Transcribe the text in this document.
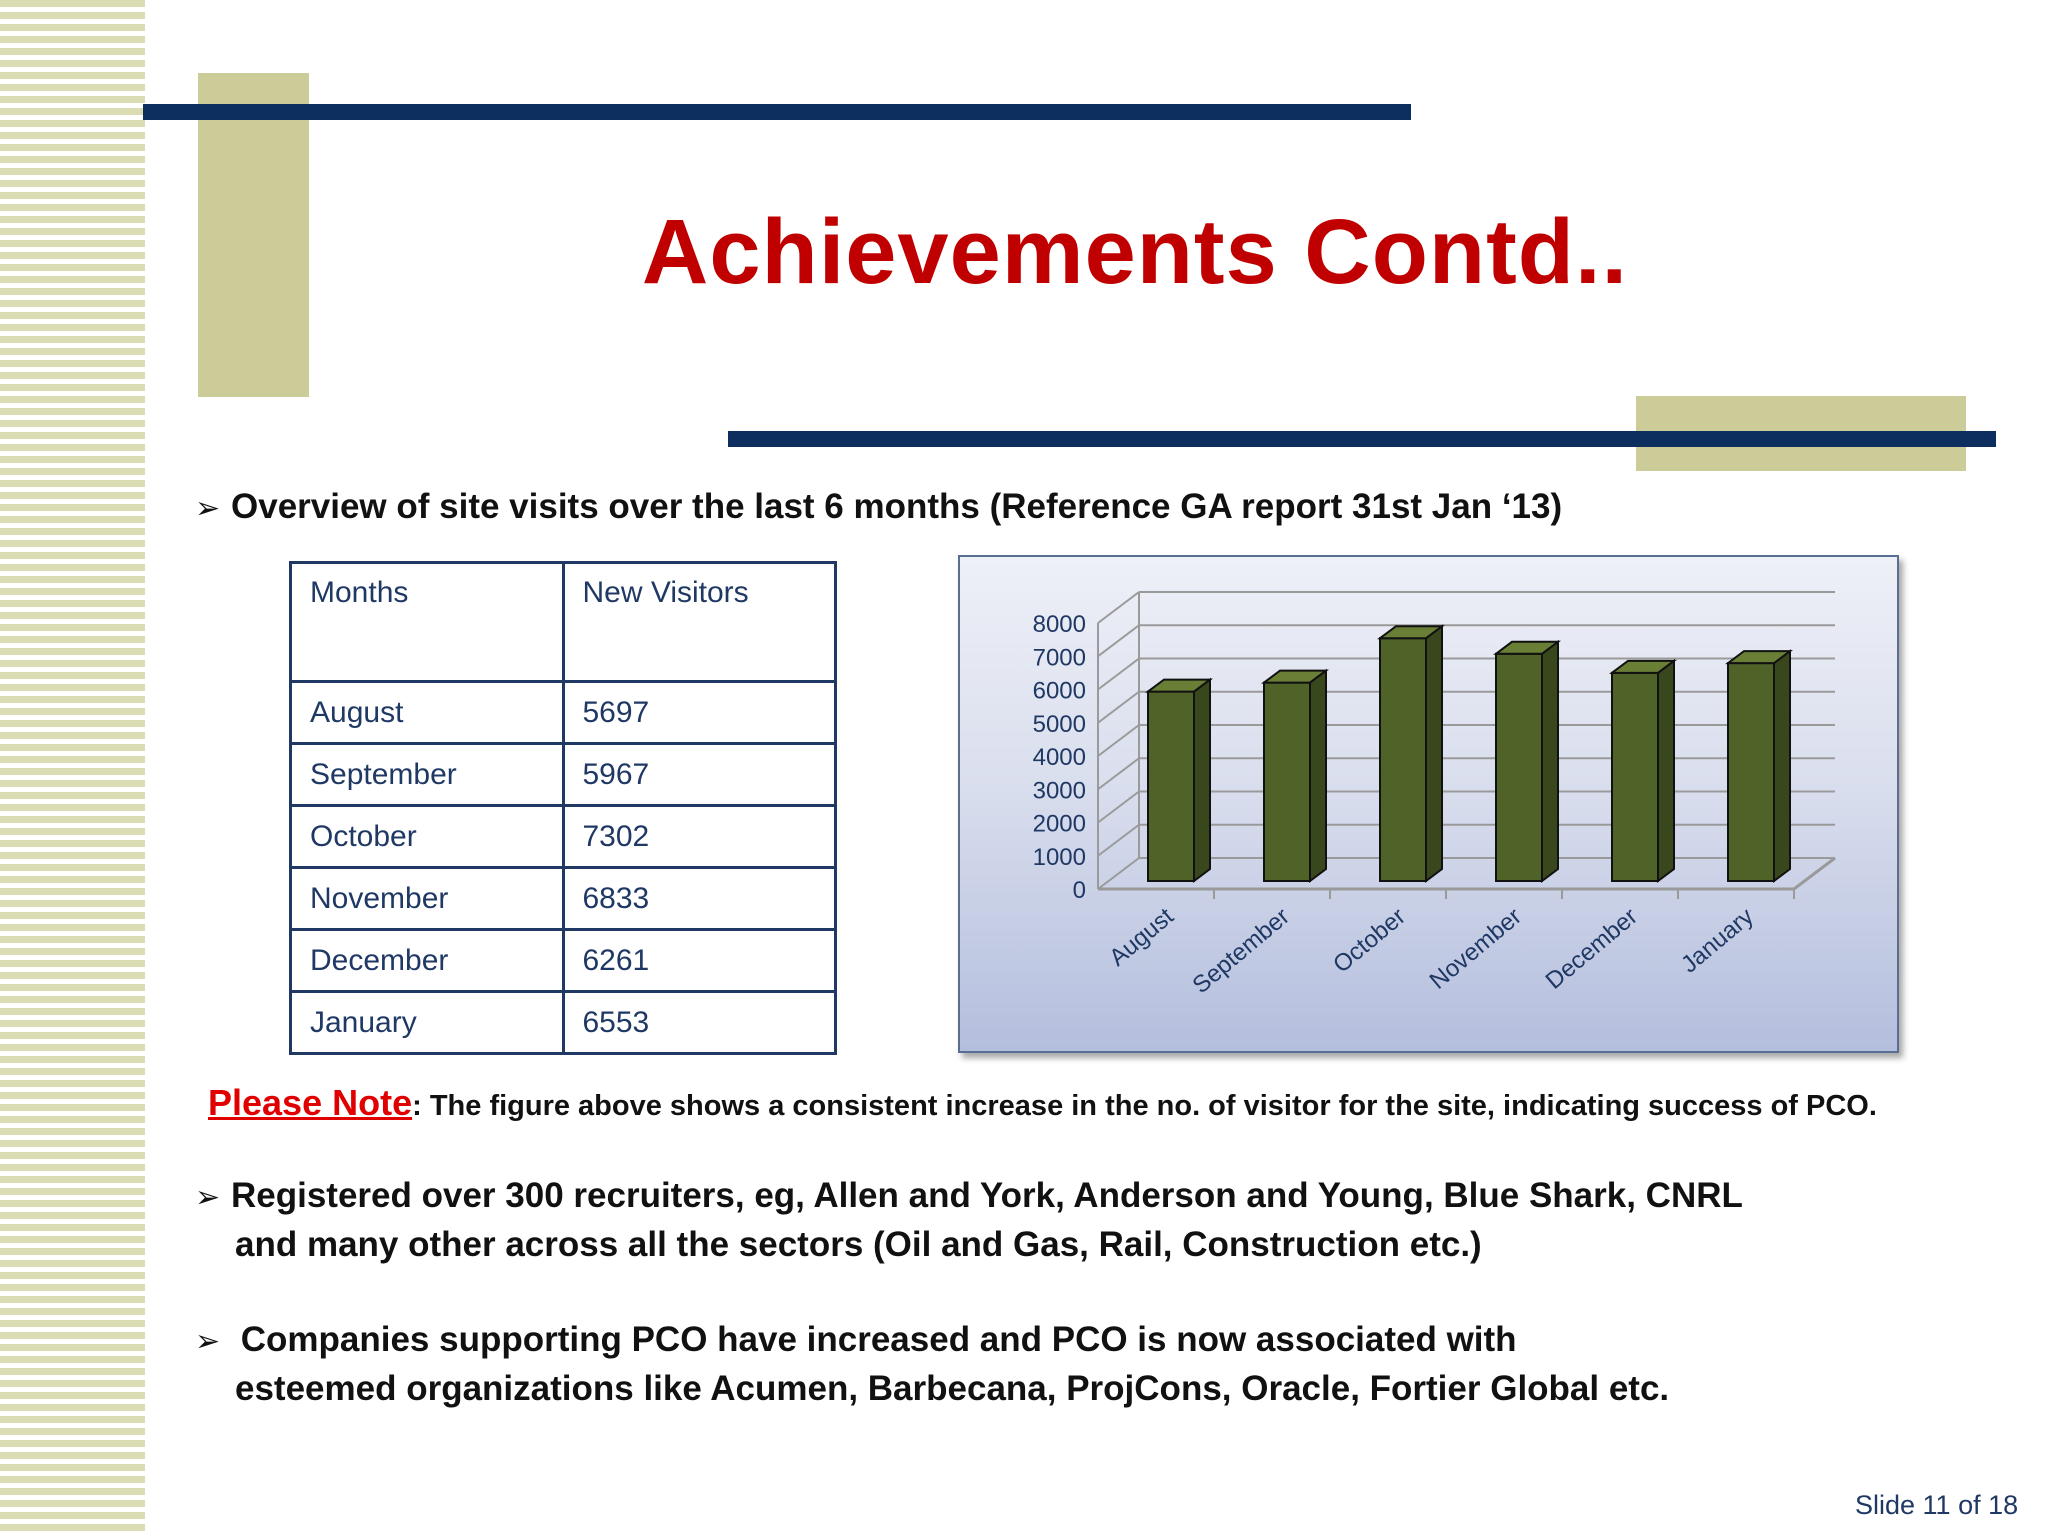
Achievements Contd..
➢ Overview of site visits over the last 6 months (Reference GA report 31st Jan ‘13)
Months	New Visitors
August	5697
September	5967
October	7302
November	6833
December	6261
January	6553
0
1000
2000
3000
4000
5000
6000
7000
8000
August September October November December January
Please Note: The figure above shows a consistent increase in the no. of visitor for the site, indicating success of PCO.
➢ Registered over 300 recruiters, eg, Allen and York, Anderson and Young, Blue Shark, CNRL
and many other across all the sectors (Oil and Gas, Rail, Construction etc.)
➢ Companies supporting PCO have increased and PCO is now associated with
esteemed organizations like Acumen, Barbecana, ProjCons, Oracle, Fortier Global etc.
Slide 11 of 18
